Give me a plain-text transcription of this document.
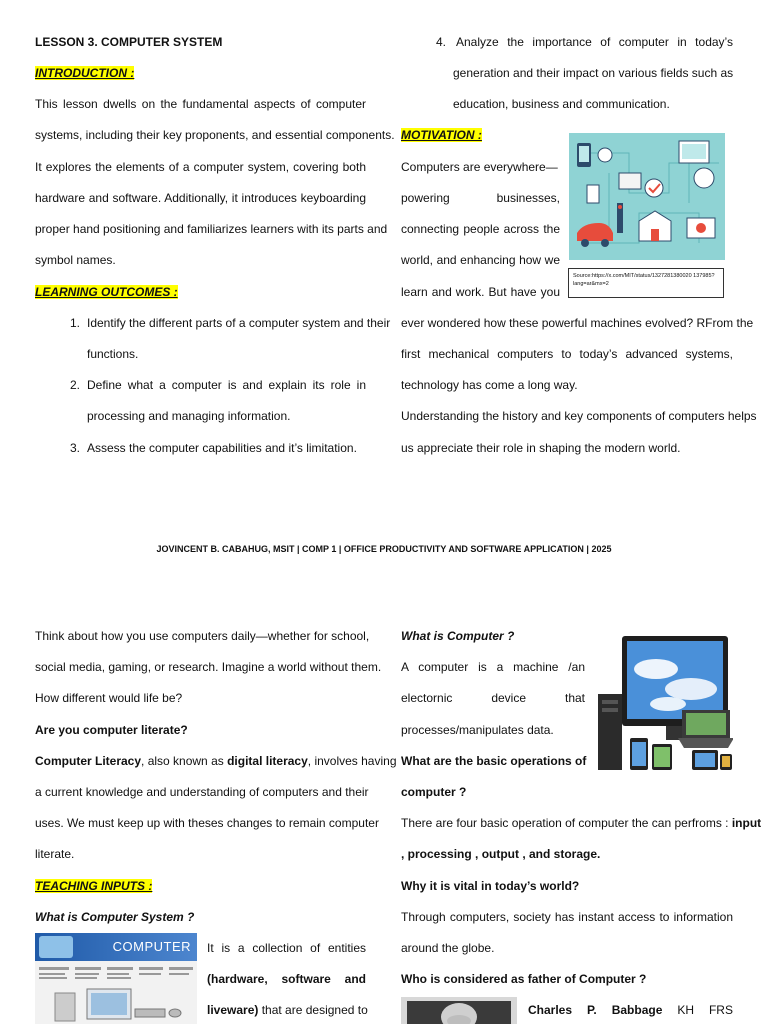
LESSON 3. COMPUTER SYSTEM
INTRODUCTION :
This lesson dwells on the fundamental aspects of computer
systems, including their key proponents, and essential components.
It explores the elements of a computer system, covering both
hardware and software. Additionally, it introduces keyboarding
proper hand positioning and familiarizes learners with its parts and
symbol names.
LEARNING OUTCOMES :
1. Identify the different parts of a computer system and their
functions.
2. Define what a computer is and explain its role in
processing and managing information.
3. Assess the computer capabilities and it’s limitation.
4. Analyze the importance of computer in today’s
generation and their impact on various fields such as
education, business and communication.
MOTIVATION :
Computers are everywhere—
powering businesses,
connecting people across the
world, and enhancing how we
learn and work. But have you
Source:https://x.com/MIT/status/1327281380020 137985?lang=ar&mx=2
ever wondered how these powerful machines evolved? RFrom the
first mechanical computers to today’s advanced systems,
technology has come a long way.
Understanding the history and key components of computers helps
us appreciate their role in shaping the modern world.
JOVINCENT B. CABAHUG, MSIT | COMP 1 | OFFICE PRODUCTIVITY AND SOFTWARE APPLICATION | 2025
Think about how you use computers daily—whether for school,
social media, gaming, or research. Imagine a world without them.
How different would life be?
Are you computer literate?
Computer Literacy, also known as digital literacy, involves having
a current knowledge and understanding of computers and their
uses. We must keep up with theses changes to remain computer
literate.
TEACHING INPUTS :
What is Computer System ?
COMPUTER It is a collection of entities
(hardware, software and
liveware) that are designed to
What is Computer ?
A computer is a machine /an
electornic device that
processes/manipulates data.
What are the basic operations of
computer ?
There are four basic operation of computer the can perfroms : input
, processing , output , and storage.
Why it is vital in today’s world?
Through computers, society has instant access to information
around the globe.
Who is considered as father of Computer ?
Charles P. Babbage KH FRS
